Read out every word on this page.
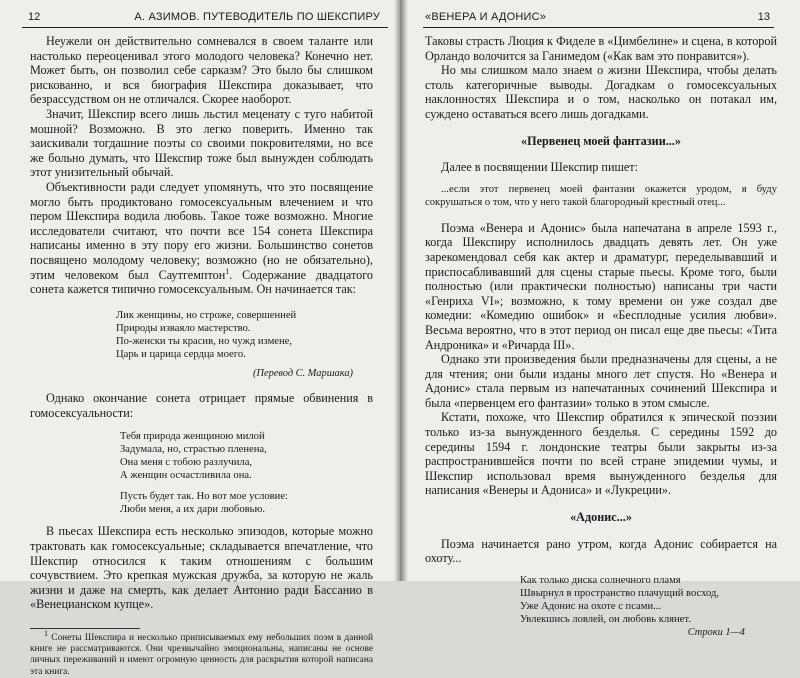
12	А. АЗИМОВ. ПУТЕВОДИТЕЛЬ ПО ШЕКСПИРУ

Неужели он действительно сомневался в своем таланте или настолько переоценивал этого молодого человека? Конечно нет. Может быть, он позволил себе сарказм? Это было бы слишком рискованно, и вся биография Шекспира доказывает, что безрассудством он не отличался. Скорее наоборот.

Значит, Шекспир всего лишь льстил меценату с туго набитой мошной? Возможно. В это легко поверить. Именно так заискивали тогдашние поэты со своими покровителями, но все же больно думать, что Шекспир тоже был вынужден соблюдать этот унизительный обычай.

Объективности ради следует упомянуть, что это посвящение могло быть продиктовано гомосексуальным влечением и что пером Шекспира водила любовь. Такое тоже возможно. Многие исследователи считают, что почти все 154 сонета Шекспира написаны именно в эту пору его жизни. Большинство сонетов посвящено молодому человеку; возможно (но не обязательно), этим человеком был Саутгемптон$^1$. Содержание двадцатого сонета кажется типично гомосексуальным. Он начинается так:

Лик женщины, но строже, совершенней
Природы изваяло мастерство.
По-женски ты красив, но чужд измене,
Царь и царица сердца моего.
(Перевод С. Маршака)

Однако окончание сонета отрицает прямые обвинения в гомосексуальности:

Тебя природа женщиною милой
Задумала, но, страстью пленена,
Она меня с тобою разлучила,
А женщин осчастливила она.
Пусть будет так. Но вот мое условие:
Люби меня, а их дари любовью.

В пьесах Шекспира есть несколько эпизодов, которые можно трактовать как гомосексуальные; складывается впечатление, что Шекспир относился к таким отношениям с большим сочувствием. Это крепкая мужская дружба, за которую не жаль жизни и даже на смерть, как делает Антонио ради Бассанио в «Венецианском купце».

$^1$ Сонеты Шекспира и несколько приписываемых ему небольших поэм в данной книге не рассматриваются. Они чрезвычайно эмоциональны, написаны не основе личных переживаний и имеют огромную ценность для раскрытия которой написана эта книга.

«ВЕНЕРА И АДОНИС»	13

Таковы страсть Люция к Фиделе в «Цимбелине» и сцена, в которой Орландо волочится за Ганимедом («Как вам это понравится»).

Но мы слишком мало знаем о жизни Шекспира, чтобы делать столь категоричные выводы. Догадкам о гомосексуальных наклонностях Шекспира и о том, насколько он потакал им, суждено оставаться всего лишь догадками.

«Первенец моей фантазии...»

Далее в посвящении Шекспир пишет:

...если этот первенец моей фантазии окажется уродом, я буду сокрушаться о том, что у него такой благородный крестный отец...

Поэма «Венера и Адонис» была напечатана в апреле 1593 г., когда Шекспиру исполнилось двадцать девять лет. Он уже зарекомендовал себя как актер и драматург, переделывавший и приспосабливавший для сцены старые пьесы. Кроме того, были полностью (или практически полностью) написаны три части «Генриха VI»; возможно, к тому времени он уже создал две комедии: «Комедию ошибок» и «Бесплодные усилия любви». Весьма вероятно, что в этот период он писал еще две пьесы: «Тита Андроника» и «Ричарда III».

Однако эти произведения были предназначены для сцены, а не для чтения; они были изданы много лет спустя. Но «Венера и Адонис» стала первым из напечатанных сочинений Шекспира и была «первенцем его фантазии» только в этом смысле.

Кстати, похоже, что Шекспир обратился к эпической поэзии только из-за вынужденного безделья. С середины 1592 до середины 1594 г. лондонские театры были закрыты из-за распространившейся почти по всей стране эпидемии чумы, и Шекспир использовал время вынужденного безделья для написания «Венеры и Адониса» и «Лукреции».

«Адонис...»

Поэма начинается рано утром, когда Адонис собирается на охоту...

Как только диска солнечного пламя
Швырнул в пространство плачущий восход,
Уже Адонис на охоте с псами...
Увлекшись ловлей, он любовь клянет.
Строки 1—4
